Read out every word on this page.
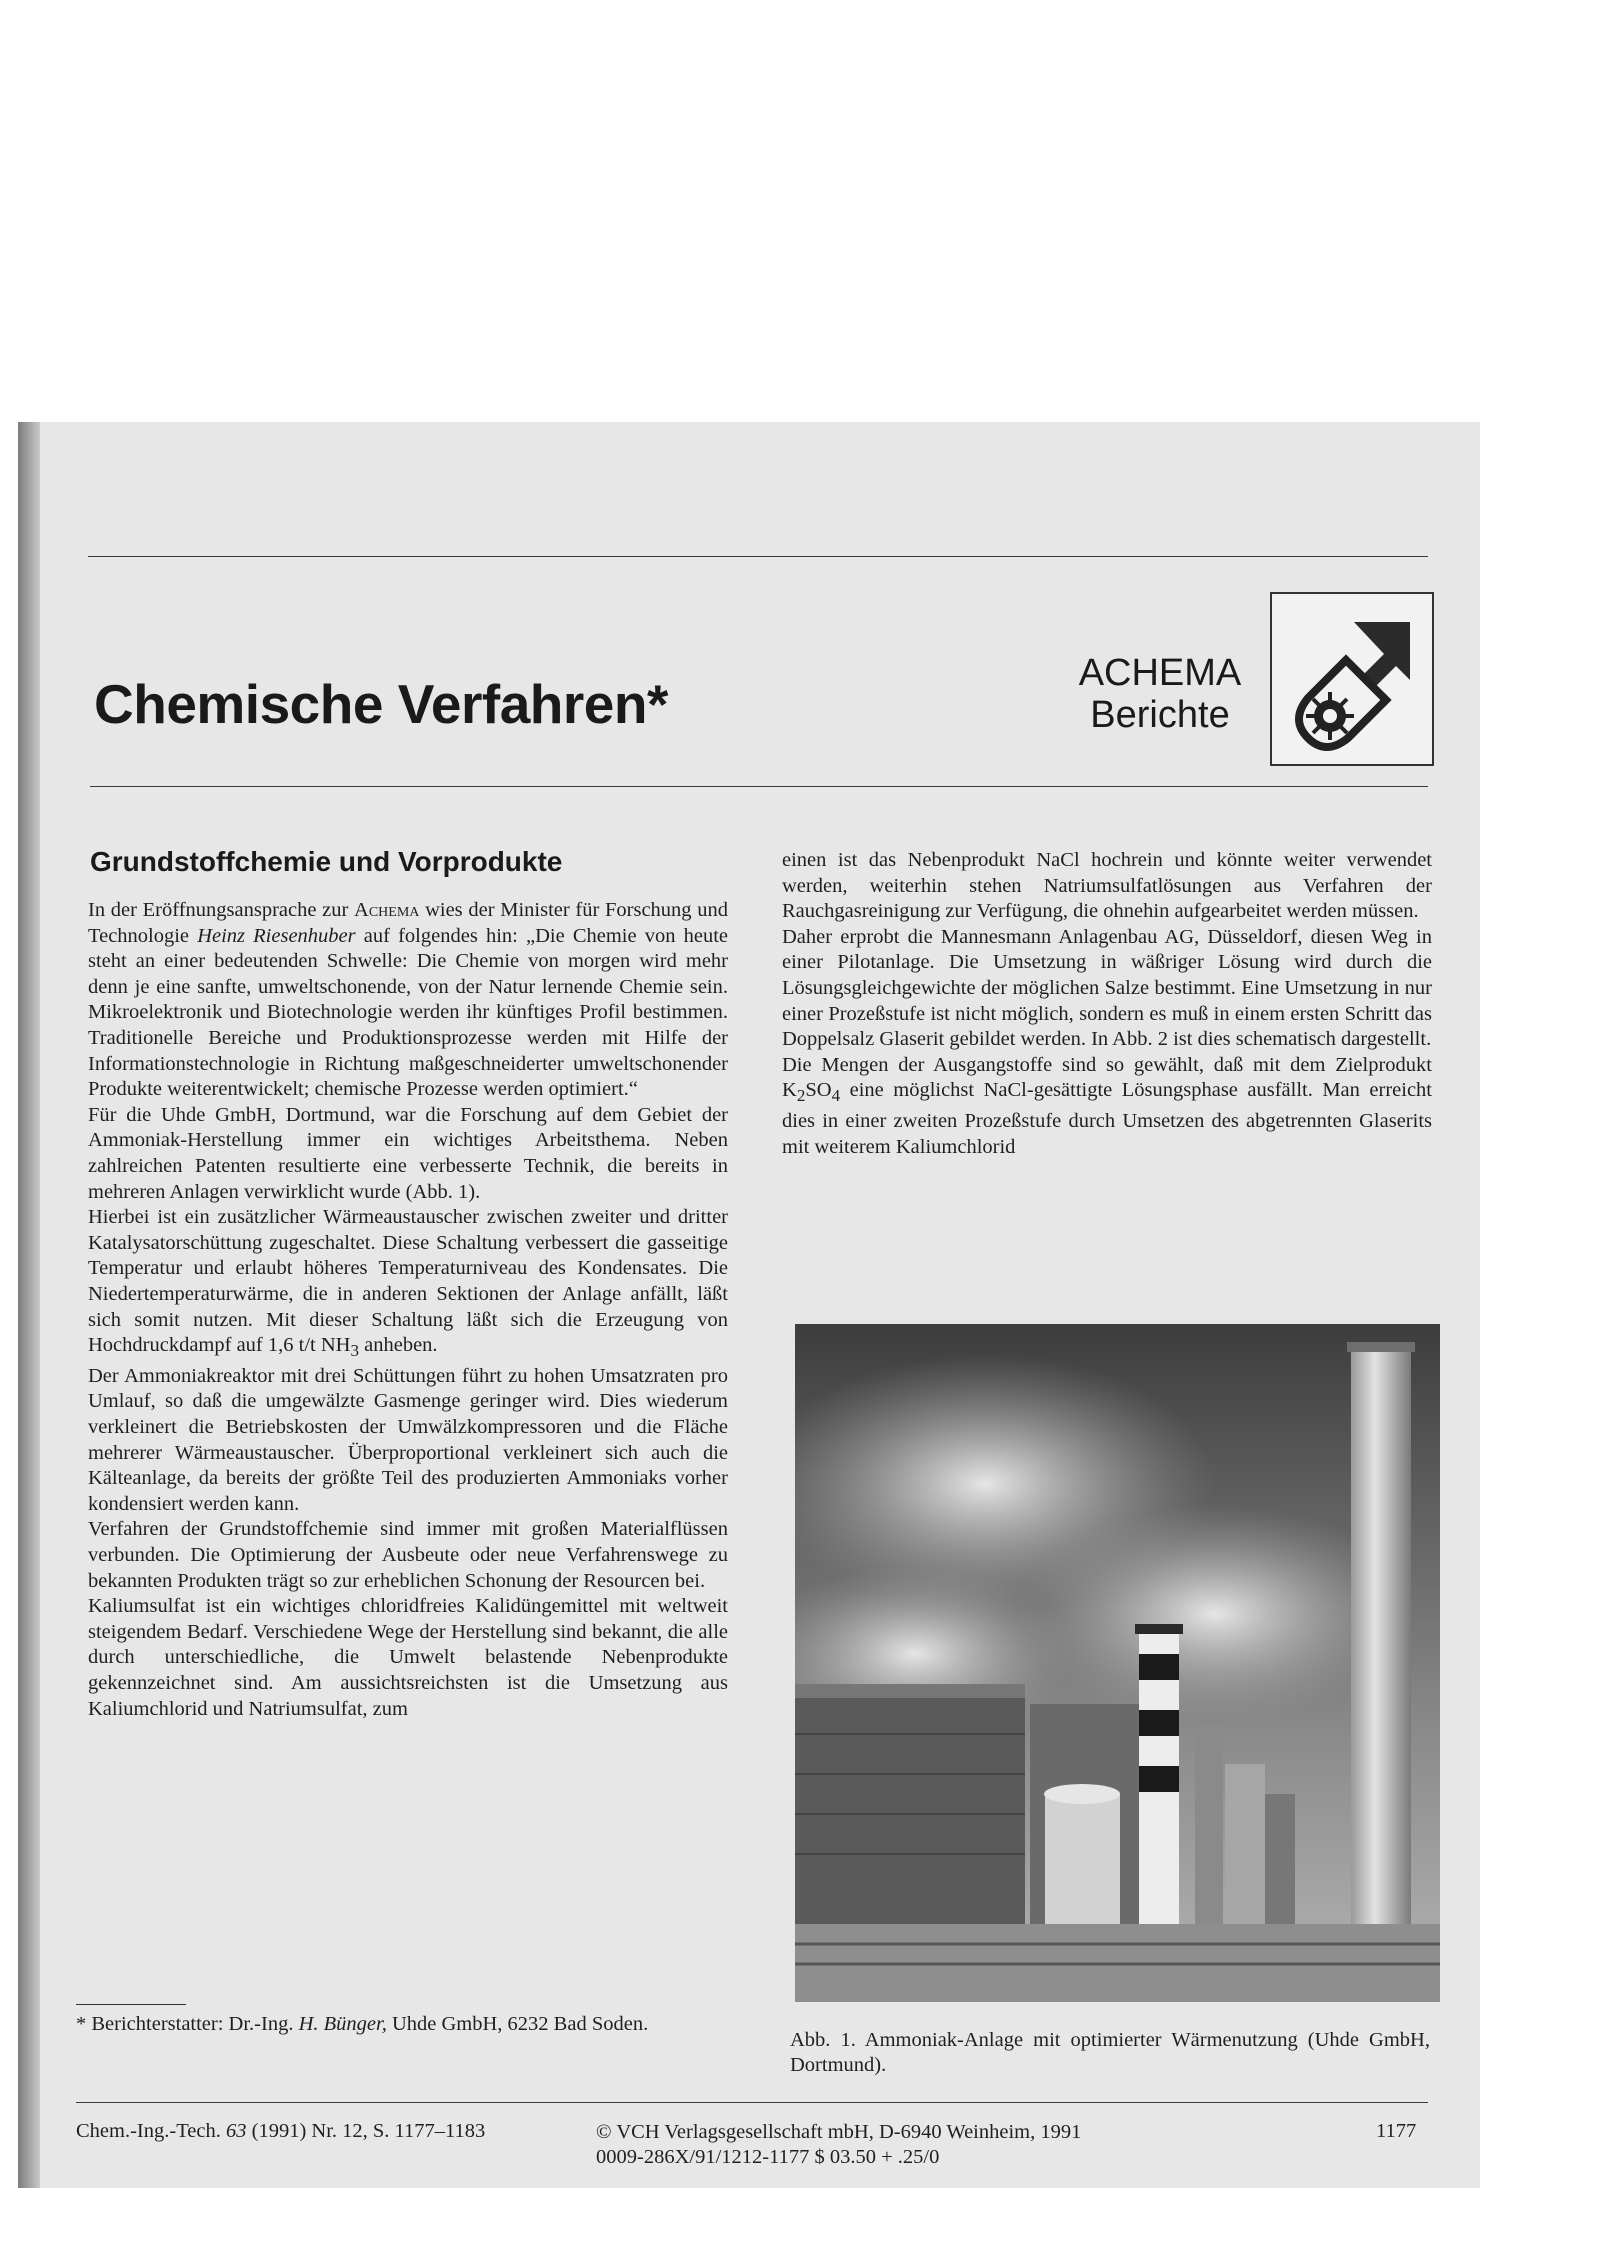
Chemische Verfahren*	ACHEMA
Berichte
Grundstoffchemie und Vorprodukte

In der Eröffnungsansprache zur Achema wies der Minister für Forschung und Technologie Heinz Riesenhuber auf folgendes hin: „Die Chemie von heute steht an einer bedeutenden Schwelle: Die Chemie von morgen wird mehr denn je eine sanfte, umweltschonende, von der Natur lernende Chemie sein. Mikroelektronik und Biotechnologie werden ihr künftiges Profil bestimmen. Traditionelle Bereiche und Produktionsprozesse werden mit Hilfe der Informationstechnologie in Richtung maßgeschneiderter umweltschonender Produkte weiterentwickelt; chemische Prozesse werden optimiert.“

Für die Uhde GmbH, Dortmund, war die Forschung auf dem Gebiet der Ammoniak-Herstellung immer ein wichtiges Arbeitsthema. Neben zahlreichen Patenten resultierte eine verbesserte Technik, die bereits in mehreren Anlagen verwirklicht wurde (Abb. 1).

Hierbei ist ein zusätzlicher Wärmeaustauscher zwischen zweiter und dritter Katalysatorschüttung zugeschaltet. Diese Schaltung verbessert die gasseitige Temperatur und erlaubt höheres Temperaturniveau des Kondensates. Die Niedertemperaturwärme, die in anderen Sektionen der Anlage anfällt, läßt sich somit nutzen. Mit dieser Schaltung läßt sich die Erzeugung von Hochdruckdampf auf 1,6 t/t $NH_3$ anheben.

Der Ammoniakreaktor mit drei Schüttungen führt zu hohen Umsatzraten pro Umlauf, so daß die umgewälzte Gasmenge geringer wird. Dies wiederum verkleinert die Betriebskosten der Umwälzkompressoren und die Fläche mehrerer Wärmeaustauscher. Überproportional verkleinert sich auch die Kälteanlage, da bereits der größte Teil des produzierten Ammoniaks vorher kondensiert werden kann.

Verfahren der Grundstoffchemie sind immer mit großen Materialflüssen verbunden. Die Optimierung der Ausbeute oder neue Verfahrenswege zu bekannten Produkten trägt so zur erheblichen Schonung der Resourcen bei.

Kaliumsulfat ist ein wichtiges chloridfreies Kalidüngemittel mit weltweit steigendem Bedarf. Verschiedene Wege der Herstellung sind bekannt, die alle durch unterschiedliche, die Umwelt belastende Nebenprodukte gekennzeichnet sind. Am aussichtsreichsten ist die Umsetzung aus Kaliumchlorid und Natriumsulfat, zum

einen ist das Nebenprodukt NaCl hochrein und könnte weiter verwendet werden, weiterhin stehen Natriumsulfatlösungen aus Verfahren der Rauchgasreinigung zur Verfügung, die ohnehin aufgearbeitet werden müssen.

Daher erprobt die Mannesmann Anlagenbau AG, Düsseldorf, diesen Weg in einer Pilotanlage. Die Umsetzung in wäßriger Lösung wird durch die Lösungsgleichgewichte der möglichen Salze bestimmt. Eine Umsetzung in nur einer Prozeßstufe ist nicht möglich, sondern es muß in einem ersten Schritt das Doppelsalz Glaserit gebildet werden. In Abb. 2 ist dies schematisch dargestellt.

Die Mengen der Ausgangstoffe sind so gewählt, daß mit dem Zielprodukt $K_2SO_4$ eine möglichst NaCl-gesättigte Lösungsphase ausfällt. Man erreicht dies in einer zweiten Prozeßstufe durch Umsetzen des abgetrennten Glaserits mit weiterem Kaliumchlorid

Abb. 1. Ammoniak-Anlage mit optimierter Wärmenutzung (Uhde GmbH, Dortmund).
* Berichterstatter: Dr.-Ing. H. Bünger, Uhde GmbH, 6232 Bad Soden.
Chem.-Ing.-Tech. 63 (1991) Nr. 12, S. 1177–1183	© VCH Verlagsgesellschaft mbH, D-6940 Weinheim, 1991
0009-286X/91/1212-1177 $ 03.50 + .25/0
1177
